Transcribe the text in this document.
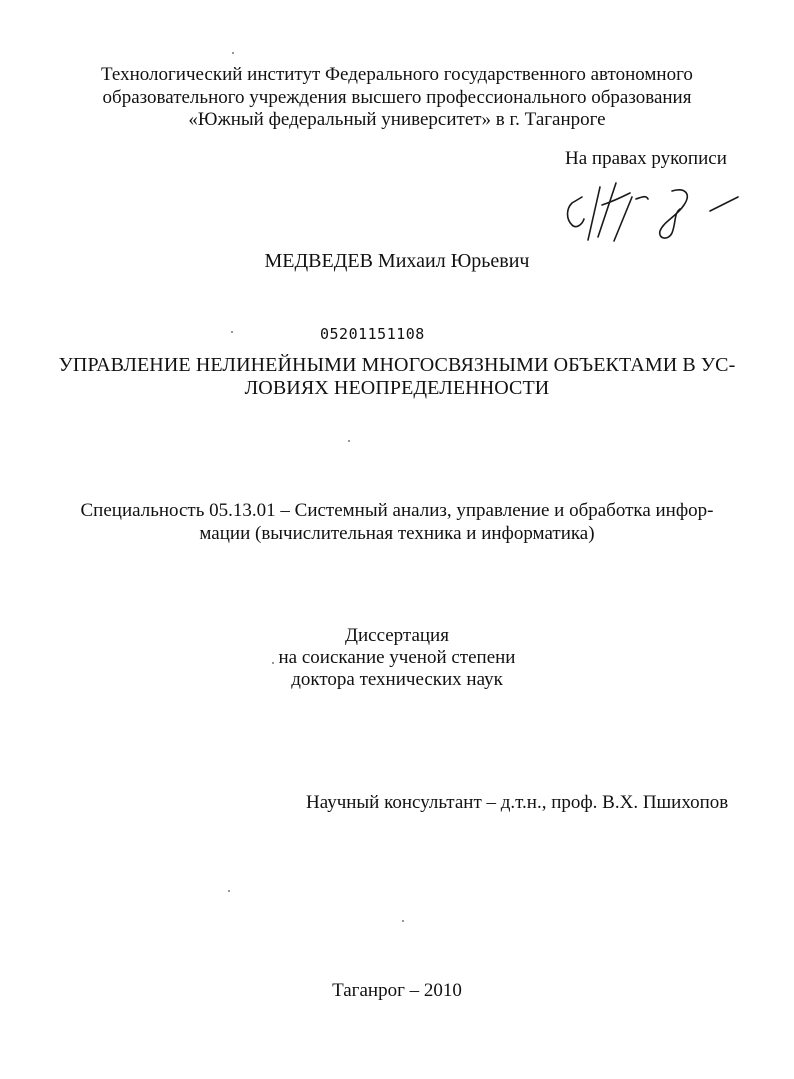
Технологический институт Федерального государственного автономного
образовательного учреждения высшего профессионального образования
«Южный федеральный университет» в г. Таганроге
На правах рукописи
МЕДВЕДЕВ Михаил Юрьевич
05201151108
УПРАВЛЕНИЕ НЕЛИНЕЙНЫМИ МНОГОСВЯЗНЫМИ ОБЪЕКТАМИ В УС-
ЛОВИЯХ НЕОПРЕДЕЛЕННОСТИ
Специальность 05.13.01 – Системный анализ, управление и обработка инфор-
мации (вычислительная техника и информатика)
Диссертация
на соискание ученой степени
доктора технических наук
Научный консультант – д.т.н., проф. В.Х. Пшихопов
Таганрог – 2010
